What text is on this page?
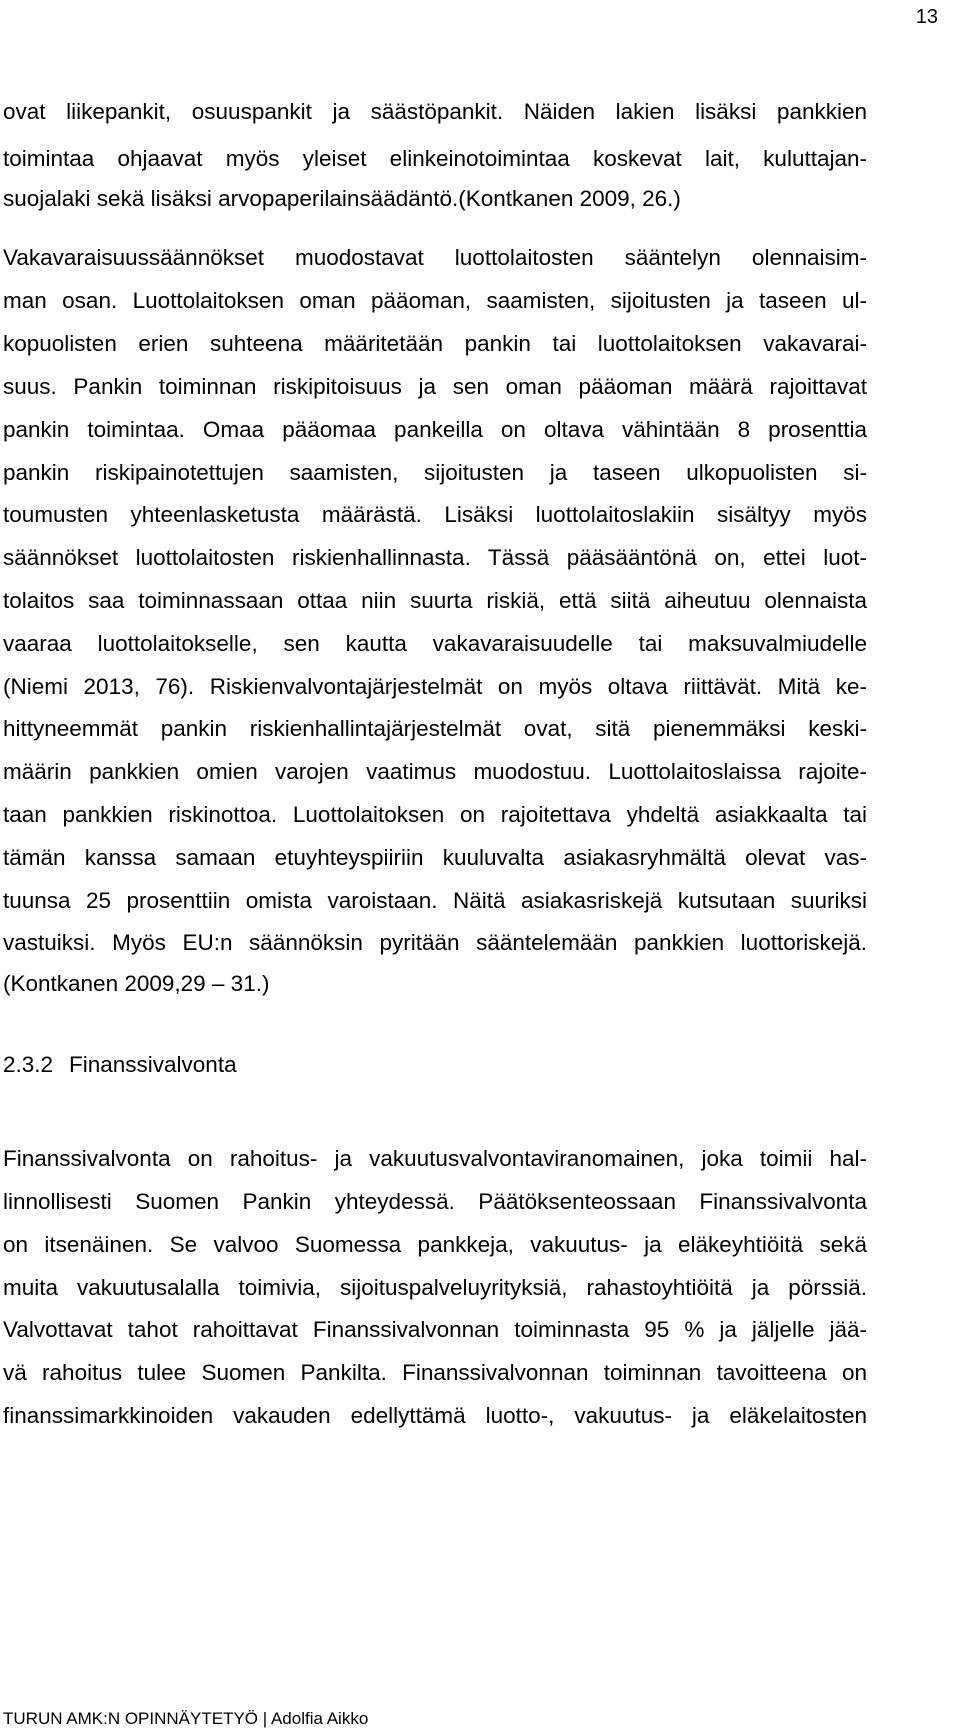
13
ovat liikepankit, osuuspankit ja säästöpankit. Näiden lakien lisäksi pankkien
toimintaa ohjaavat myös yleiset elinkeinotoimintaa koskevat lait, kuluttajan-
suojalaki sekä lisäksi arvopaperilainsäädäntö.(Kontkanen 2009, 26.)
Vakavaraisuussäännökset muodostavat luottolaitosten sääntelyn olennaisim-
man osan. Luottolaitoksen oman pääoman, saamisten, sijoitusten ja taseen ul-
kopuolisten erien suhteena määritetään pankin tai luottolaitoksen vakavarai-
suus. Pankin toiminnan riskipitoisuus ja sen oman pääoman määrä rajoittavat
pankin toimintaa. Omaa pääomaa pankeilla on oltava vähintään 8 prosenttia
pankin riskipainotettujen saamisten, sijoitusten ja taseen ulkopuolisten si-
toumusten yhteenlasketusta määrästä. Lisäksi luottolaitoslakiin sisältyy myös
säännökset luottolaitosten riskienhallinnasta. Tässä pääsääntönä on, ettei luot-
tolaitos saa toiminnassaan ottaa niin suurta riskiä, että siitä aiheutuu olennaista
vaaraa luottolaitokselle, sen kautta vakavaraisuudelle tai maksuvalmiudelle
(Niemi 2013, 76). Riskienvalvontajärjestelmät on myös oltava riittävät. Mitä ke-
hittyneemmät pankin riskienhallintajärjestelmät ovat, sitä pienemmäksi keski-
määrin pankkien omien varojen vaatimus muodostuu. Luottolaitoslaissa rajoite-
taan pankkien riskinottoa. Luottolaitoksen on rajoitettava yhdeltä asiakkaalta tai
tämän kanssa samaan etuyhteyspiiriin kuuluvalta asiakasryhmältä olevat vas-
tuunsa 25 prosenttiin omista varoistaan. Näitä asiakasriskejä kutsutaan suuriksi
vastuiksi. Myös EU:n säännöksin pyritään sääntelemään pankkien luottoriskejä.
(Kontkanen 2009,29 – 31.)
2.3.2 Finanssivalvonta
Finanssivalvonta on rahoitus- ja vakuutusvalvontaviranomainen, joka toimii hal-
linnollisesti Suomen Pankin yhteydessä. Päätöksenteossaan Finanssivalvonta
on itsenäinen. Se valvoo Suomessa pankkeja, vakuutus- ja eläkeyhtiöitä sekä
muita vakuutusalalla toimivia, sijoituspalveluyrityksiä, rahastoyhtiöitä ja pörssiä.
Valvottavat tahot rahoittavat Finanssivalvonnan toiminnasta 95 % ja jäljelle jää-
vä rahoitus tulee Suomen Pankilta. Finanssivalvonnan toiminnan tavoitteena on
finanssimarkkinoiden vakauden edellyttämä luotto-, vakuutus- ja eläkelaitosten
TURUN AMK:N OPINNÄYTETYÖ | Adolfia Aikko
